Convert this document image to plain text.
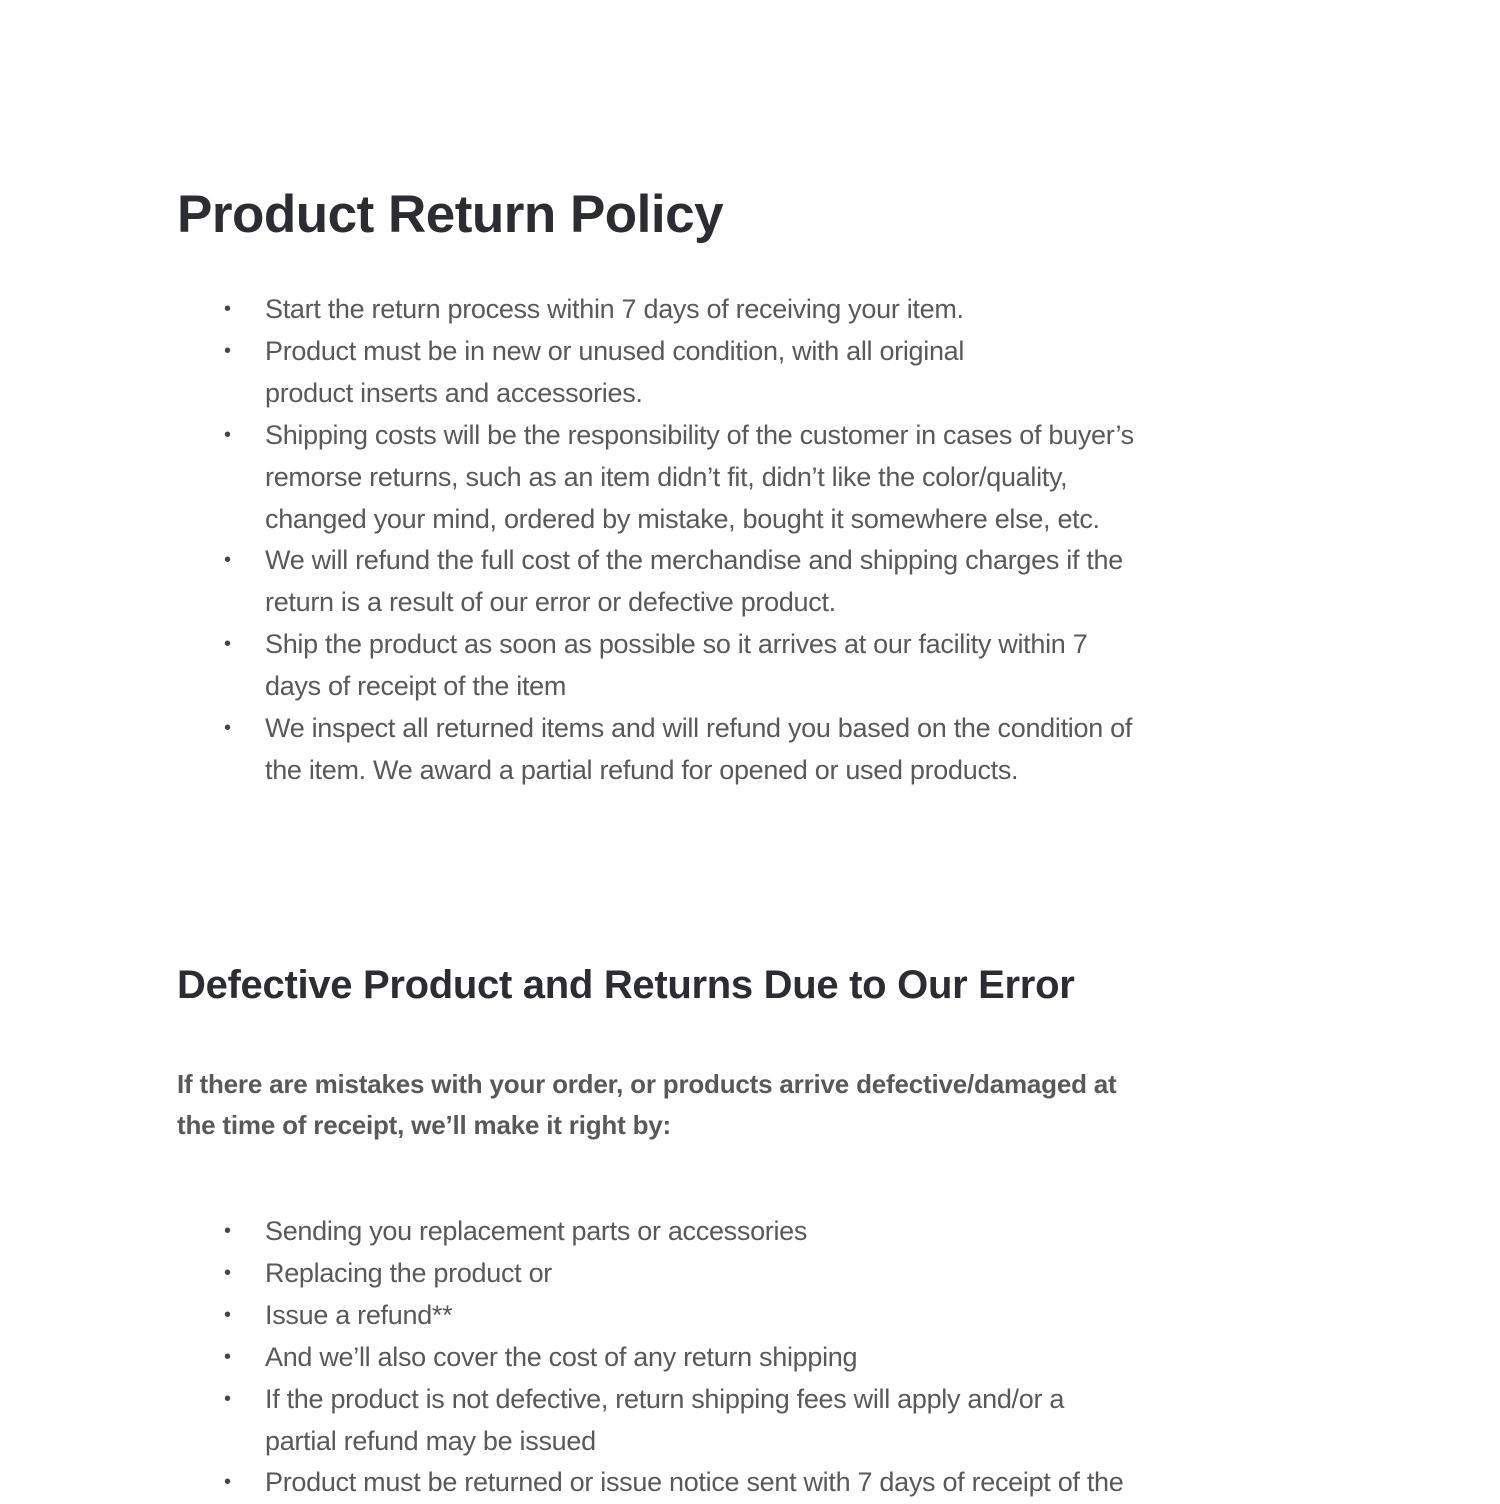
Product Return Policy
• Start the return process within 7 days of receiving your item.
• Product must be in new or unused condition, with all original
product inserts and accessories.
• Shipping costs will be the responsibility of the customer in cases of buyer’s
remorse returns, such as an item didn’t fit, didn’t like the color/quality,
changed your mind, ordered by mistake, bought it somewhere else, etc.
• We will refund the full cost of the merchandise and shipping charges if the
return is a result of our error or defective product.
• Ship the product as soon as possible so it arrives at our facility within 7
days of receipt of the item
• We inspect all returned items and will refund you based on the condition of
the item. We award a partial refund for opened or used products.
Defective Product and Returns Due to Our Error

If there are mistakes with your order, or products arrive defective/damaged at
the time of receipt, we’ll make it right by:

• Sending you replacement parts or accessories
• Replacing the product or
• Issue a refund**
• And we’ll also cover the cost of any return shipping
• If the product is not defective, return shipping fees will apply and/or a
partial refund may be issued
• Product must be returned or issue notice sent with 7 days of receipt of the
